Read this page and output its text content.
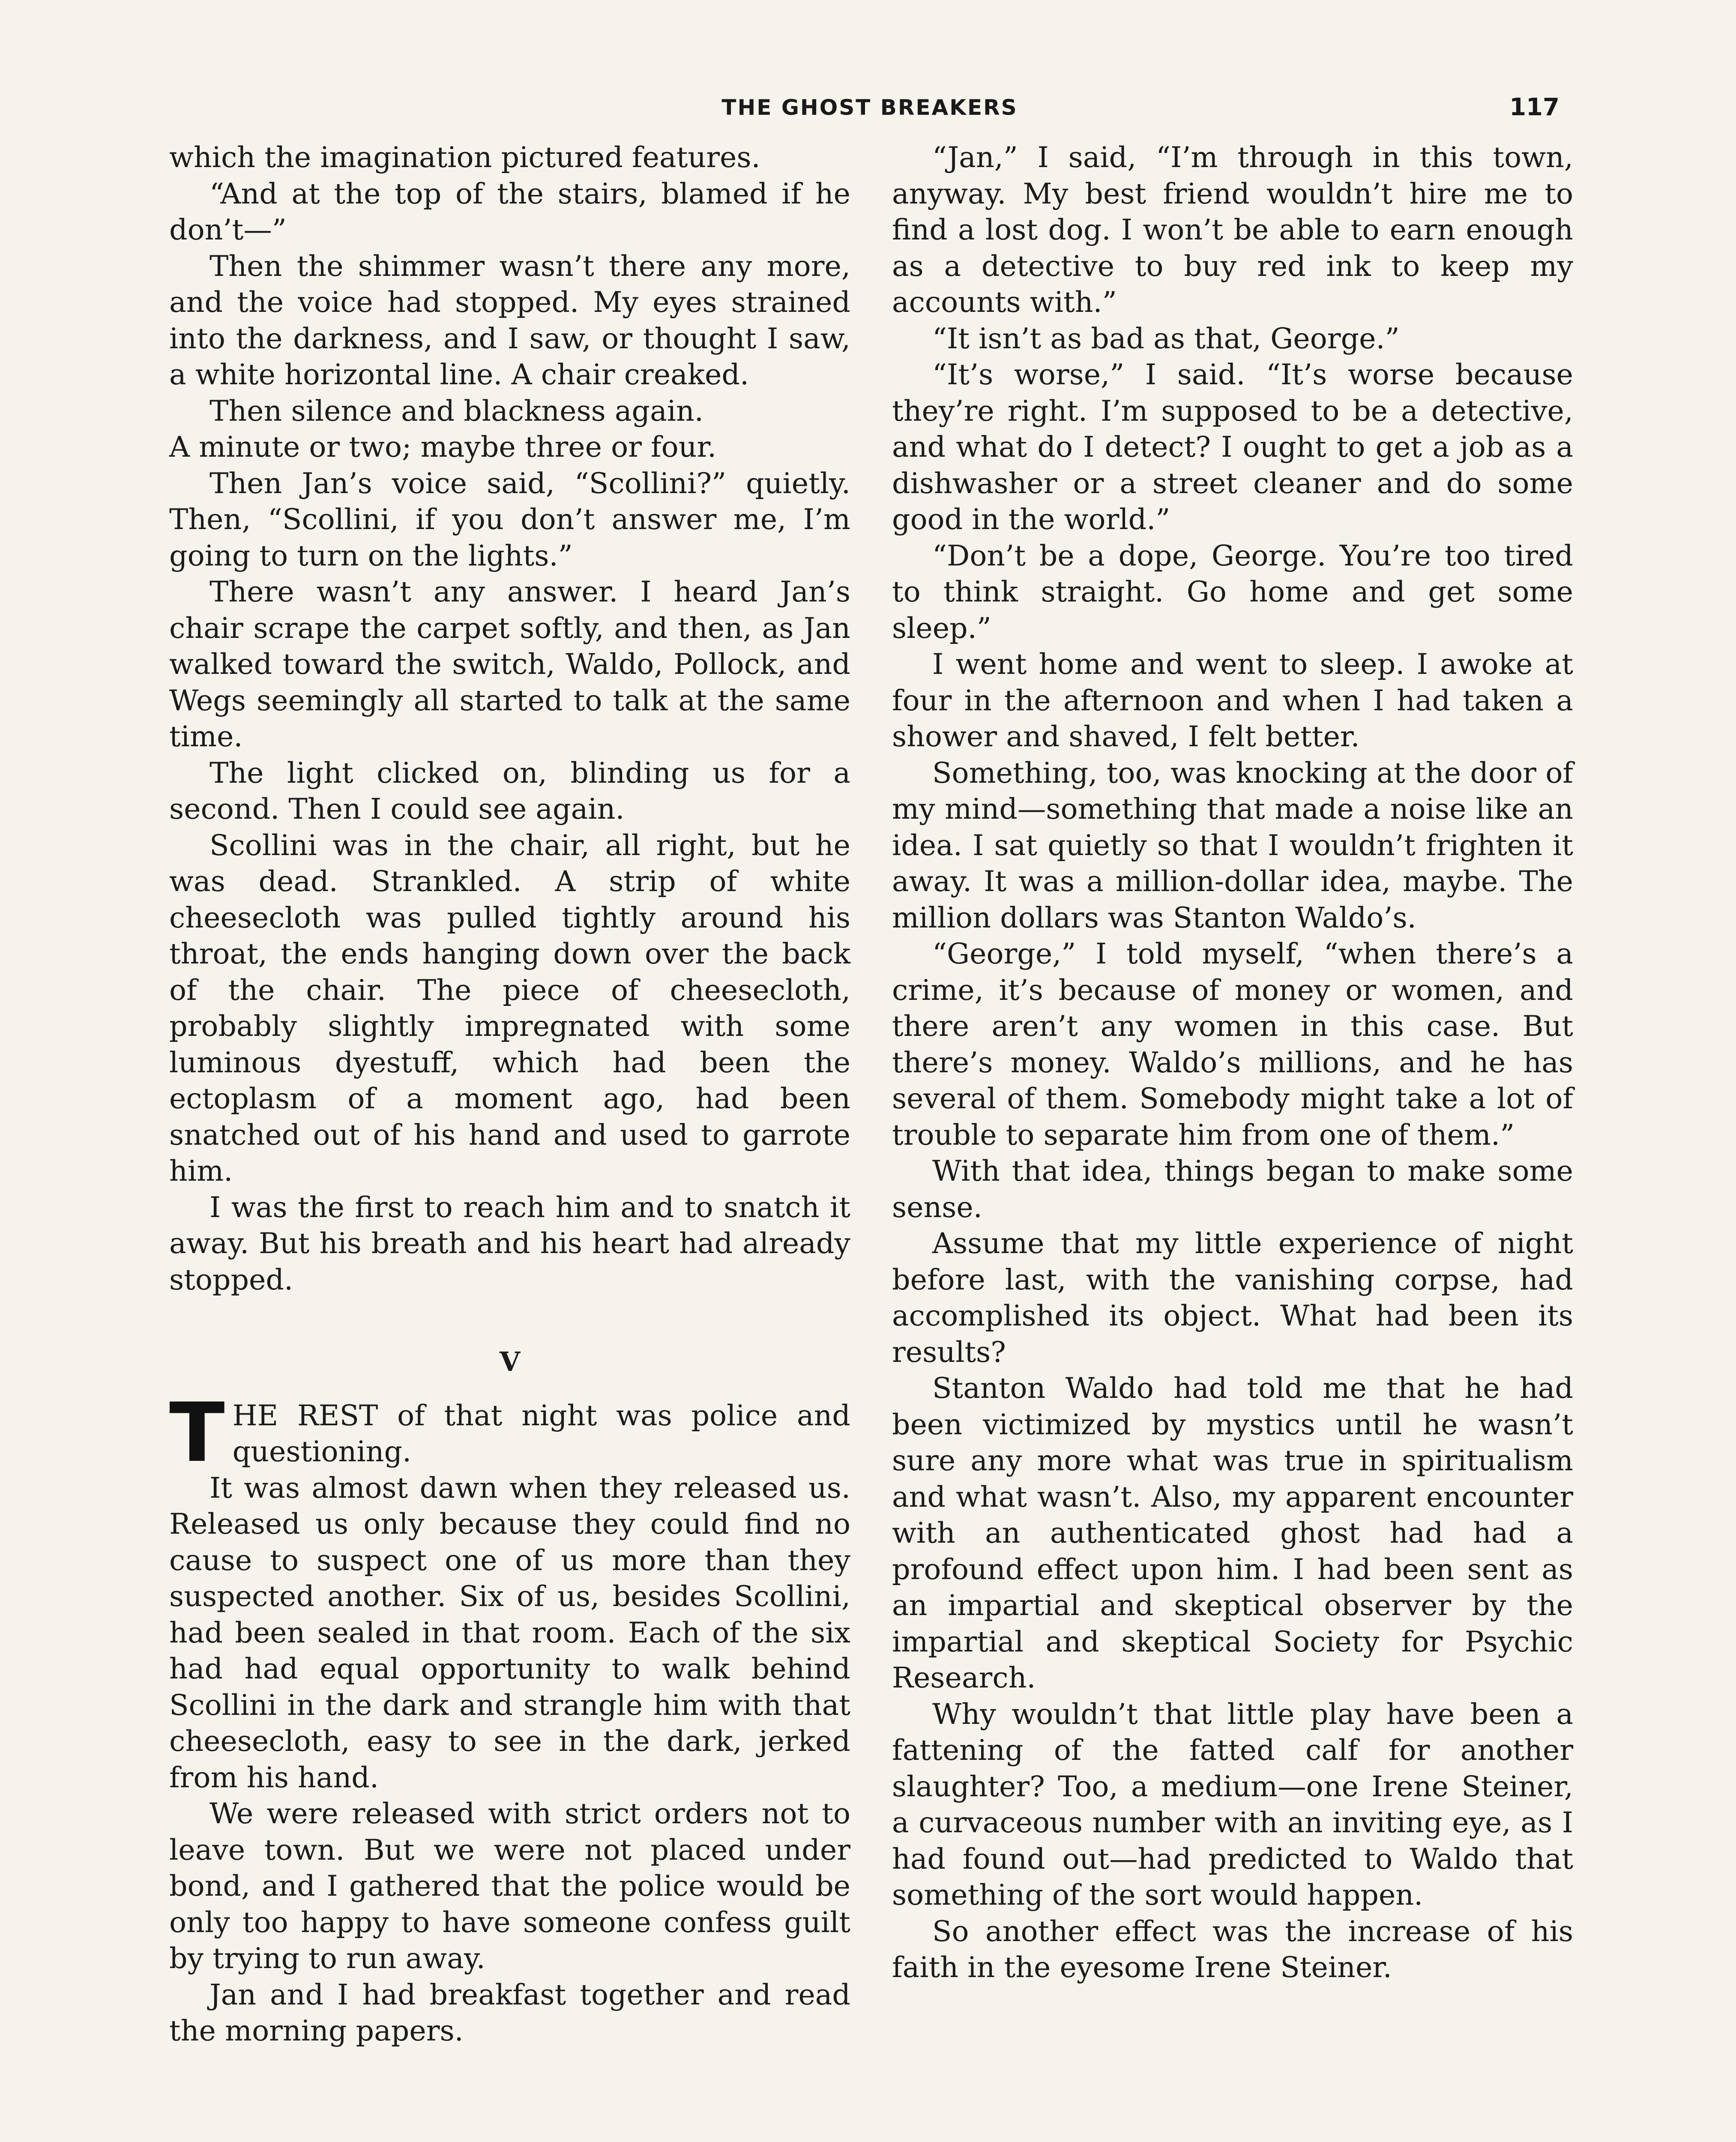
THE GHOST BREAKERS	117

which the imagination pictured features.

“And at the top of the stairs, blamed if he don’t—”

Then the shimmer wasn’t there any more, and the voice had stopped. My eyes strained into the darkness, and I saw, or thought I saw, a white horizontal line. A chair creaked.

Then silence and blackness again.

A minute or two; maybe three or four.

Then Jan’s voice said, “Scollini?” quietly. Then, “Scollini, if you don’t answer me, I’m going to turn on the lights.”

There wasn’t any answer. I heard Jan’s chair scrape the carpet softly, and then, as Jan walked toward the switch, Waldo, Pollock, and Wegs seemingly all started to talk at the same time.

The light clicked on, blinding us for a second. Then I could see again.

Scollini was in the chair, all right, but he was dead. Strankled. A strip of white cheesecloth was pulled tightly around his throat, the ends hanging down over the back of the chair. The piece of cheesecloth, probably slightly impregnated with some luminous dyestuff, which had been the ectoplasm of a moment ago, had been snatched out of his hand and used to garrote him.

I was the first to reach him and to snatch it away. But his breath and his heart had already stopped.

V

THE REST of that night was police and questioning.

It was almost dawn when they released us. Released us only because they could find no cause to suspect one of us more than they suspected another. Six of us, besides Scollini, had been sealed in that room. Each of the six had had equal opportunity to walk behind Scollini in the dark and strangle him with that cheesecloth, easy to see in the dark, jerked from his hand.

We were released with strict orders not to leave town. But we were not placed under bond, and I gathered that the police would be only too happy to have someone confess guilt by trying to run away.

Jan and I had breakfast together and read the morning papers.

“Jan,” I said, “I’m through in this town, anyway. My best friend wouldn’t hire me to find a lost dog. I won’t be able to earn enough as a detective to buy red ink to keep my accounts with.”

“It isn’t as bad as that, George.”

“It’s worse,” I said. “It’s worse because they’re right. I’m supposed to be a detective, and what do I detect? I ought to get a job as a dishwasher or a street cleaner and do some good in the world.”

“Don’t be a dope, George. You’re too tired to think straight. Go home and get some sleep.”

I went home and went to sleep. I awoke at four in the afternoon and when I had taken a shower and shaved, I felt better.

Something, too, was knocking at the door of my mind—something that made a noise like an idea. I sat quietly so that I wouldn’t frighten it away. It was a million-dollar idea, maybe. The million dollars was Stanton Waldo’s.

“George,” I told myself, “when there’s a crime, it’s because of money or women, and there aren’t any women in this case. But there’s money. Waldo’s millions, and he has several of them. Somebody might take a lot of trouble to separate him from one of them.”

With that idea, things began to make some sense.

Assume that my little experience of night before last, with the vanishing corpse, had accomplished its object. What had been its results?

Stanton Waldo had told me that he had been victimized by mystics until he wasn’t sure any more what was true in spiritualism and what wasn’t. Also, my apparent encounter with an authenticated ghost had had a profound effect upon him. I had been sent as an impartial and skeptical observer by the impartial and skeptical Society for Psychic Research.

Why wouldn’t that little play have been a fattening of the fatted calf for another slaughter? Too, a medium—one Irene Steiner, a curvaceous number with an inviting eye, as I had found out—had predicted to Waldo that something of the sort would happen.

So another effect was the increase of his faith in the eyesome Irene Steiner.
